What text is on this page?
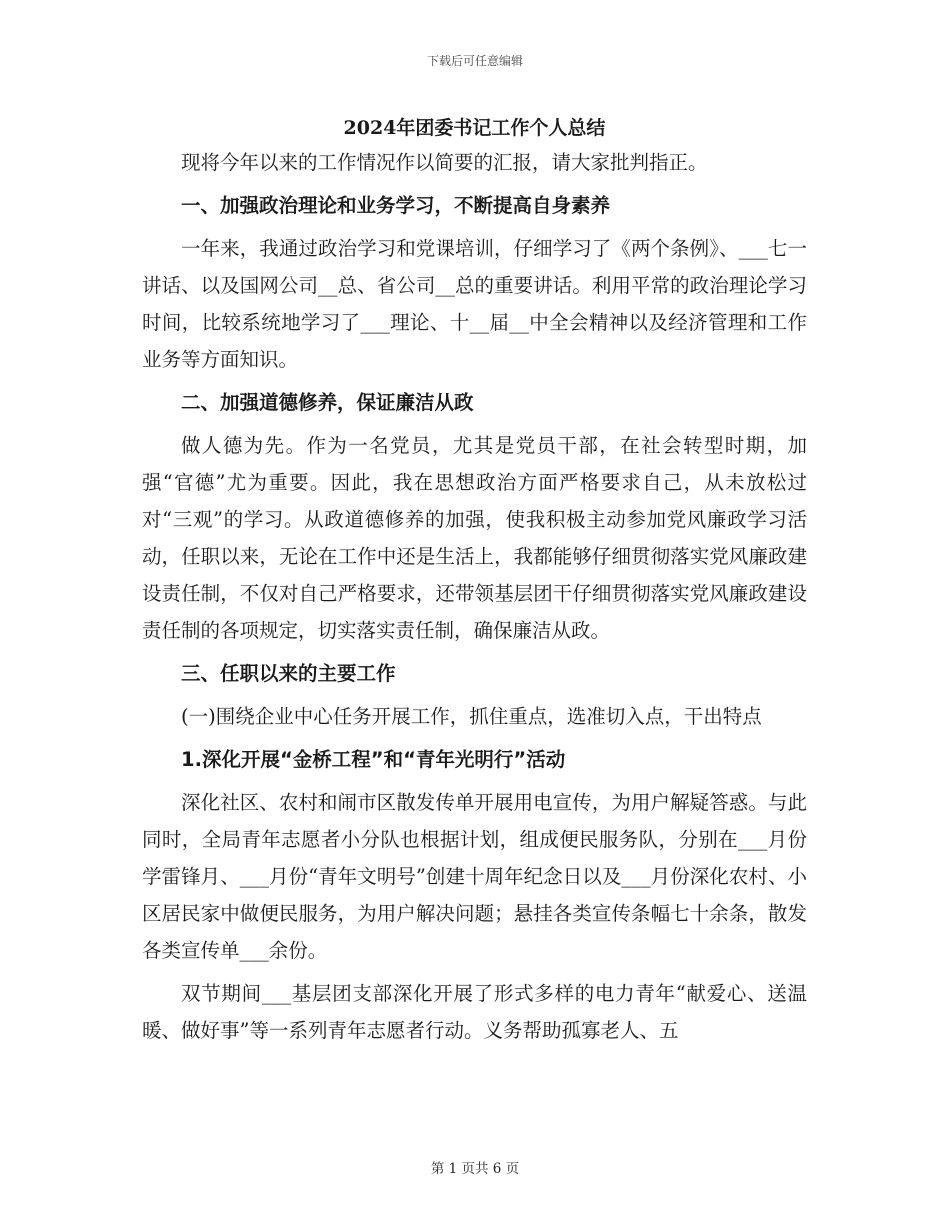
下载后可任意编辑
2024年团委书记工作个人总结

现将今年以来的工作情况作以简要的汇报，请大家批判指正。

一、加强政治理论和业务学习，不断提高自身素养

一年来，我通过政治学习和党课培训，仔细学习了《两个条例》、___七一讲话、以及国网公司__总、省公司__总的重要讲话。利用平常的政治理论学习时间，比较系统地学习了___理论、十__届__中全会精神以及经济管理和工作业务等方面知识。

二、加强道德修养，保证廉洁从政

做人德为先。作为一名党员，尤其是党员干部，在社会转型时期，加强“官德”尤为重要。因此，我在思想政治方面严格要求自己，从未放松过对“三观”的学习。从政道德修养的加强，使我积极主动参加党风廉政学习活动，任职以来，无论在工作中还是生活上，我都能够仔细贯彻落实党风廉政建设责任制，不仅对自己严格要求，还带领基层团干仔细贯彻落实党风廉政建设责任制的各项规定，切实落实责任制，确保廉洁从政。

三、任职以来的主要工作

(一)围绕企业中心任务开展工作，抓住重点，选准切入点，干出特点

1.深化开展“金桥工程”和“青年光明行”活动

深化社区、农村和闹市区散发传单开展用电宣传，为用户解疑答惑。与此同时，全局青年志愿者小分队也根据计划，组成便民服务队，分别在___月份学雷锋月、___月份“青年文明号”创建十周年纪念日以及___月份深化农村、小区居民家中做便民服务，为用户解决问题；悬挂各类宣传条幅七十余条，散发各类宣传单___余份。

双节期间___基层团支部深化开展了形式多样的电力青年“献爱心、送温暖、做好事”等一系列青年志愿者行动。义务帮助孤寡老人、五

第 1 页共 6 页
